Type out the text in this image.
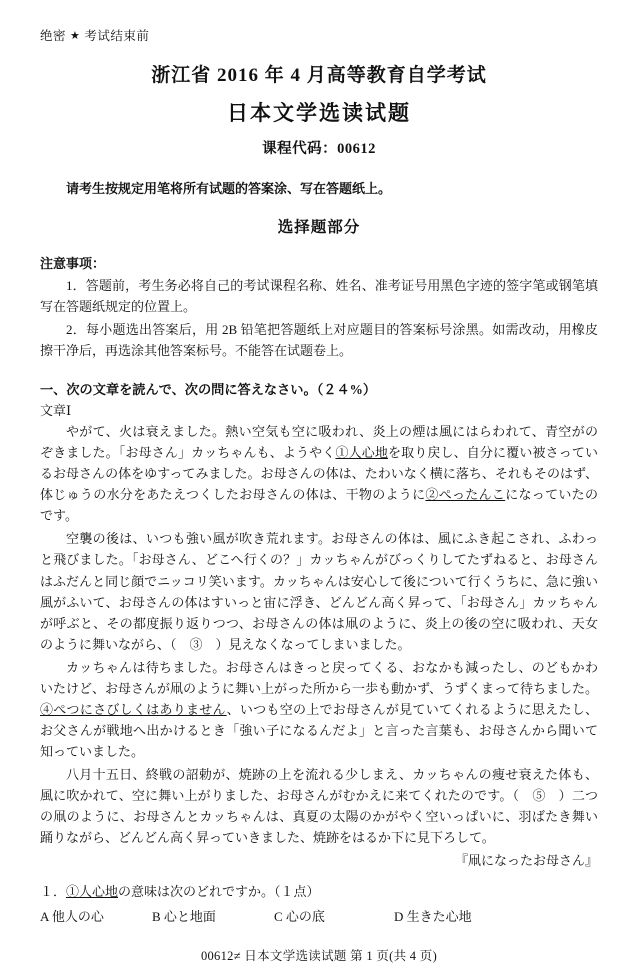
绝密 ★ 考试结束前
浙江省 2016 年 4 月高等教育自学考试
日本文学选读试题
课程代码：00612
请考生按规定用笔将所有试题的答案涂、写在答题纸上。
选择题部分
注意事项：
1．答题前，考生务必将自己的考试课程名称、姓名、准考证号用黑色字迹的签字笔或钢笔填写在答题纸规定的位置上。
2．每小题选出答案后，用 2B 铅笔把答题纸上对应题目的答案标号涂黑。如需改动，用橡皮擦干净后，再选涂其他答案标号。不能答在试题卷上。
一、次の文章を読んで、次の問に答えなさい。（２４%）
文章Ⅰ
やがて、火は衰えました。熱い空気も空に吸われ、炎上の煙は風にはらわれて、青空がのぞきました。「お母さん」カッちゃんも、ようやく①人心地を取り戻し、自分に覆い被さっているお母さんの体をゆすってみました。お母さんの体は、たわいなく横に落ち、それもそのはず、体じゅうの水分をあたえつくしたお母さんの体は、干物のように②ぺったんこになっていたのです。
空襲の後は、いつも強い風が吹き荒れます。お母さんの体は、風にふき起こされ、ふわっと飛びました。「お母さん、どこへ行くの？」カッちゃんがびっくりしてたずねると、お母さんはふだんと同じ顔でニッコリ笑います。カッちゃんは安心して後について行くうちに、急に強い風がふいて、お母さんの体はすいっと宙に浮き、どんどん高く昇って、「お母さん」カッちゃんが呼ぶと、その都度振り返りつつ、お母さんの体は凧のように、炎上の後の空に吸われ、天女のように舞いながら、（　③　）見えなくなってしまいました。
カッちゃんは待ちました。お母さんはきっと戻ってくる、おなかも減ったし、のどもかわいたけど、お母さんが凧のように舞い上がった所から一歩も動かず、うずくまって待ちました。④ぺつにさびしくはありません、いつも空の上でお母さんが見ていてくれるように思えたし、お父さんが戦地へ出かけるとき「強い子になるんだよ」と言った言葉も、お母さんから聞いて知っていました。
八月十五日、終戦の詔勅が、焼跡の上を流れる少しまえ、カッちゃんの痩せ衰えた体も、風に吹かれて、空に舞い上がりました、お母さんがむかえに来てくれたのです。（　⑤　）二つの凧のように、お母さんとカッちゃんは、真夏の太陽のかがやく空いっぱいに、羽ばたき舞い踊りながら、どんどん高く昇っていきました、焼跡をはるか下に見下ろして。
『凧になったお母さん』
１．①人心地の意味は次のどれですか。（１点）
A 他人の心	B 心と地面	C 心の底	D 生きた心地
00612≠ 日本文学选读试题 第 1 页(共 4 页)
